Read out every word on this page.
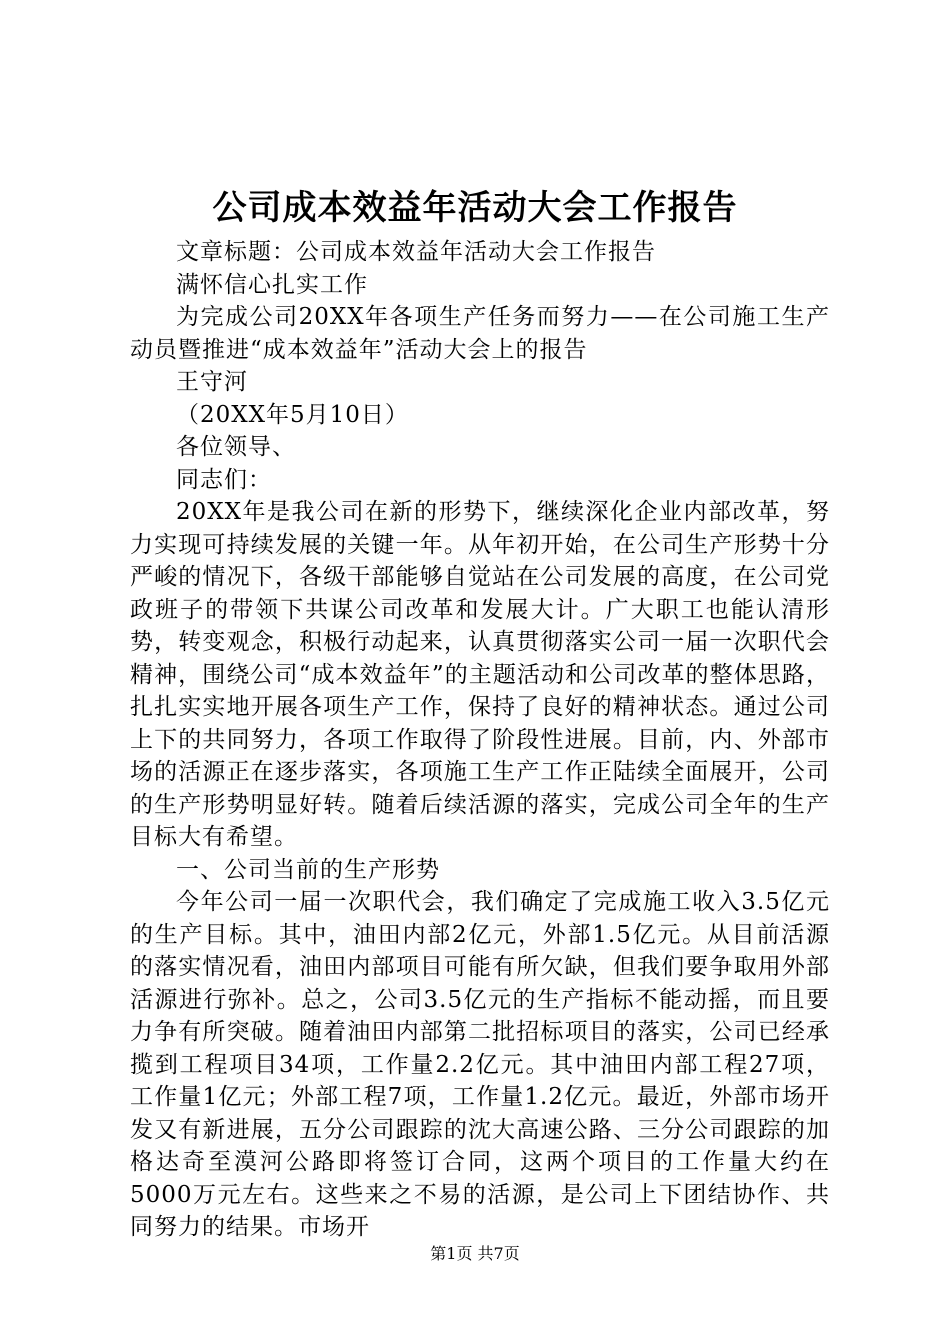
公司成本效益年活动大会工作报告

文章标题：公司成本效益年活动大会工作报告

满怀信心扎实工作

为完成公司20XX年各项生产任务而努力——在公司施工生产动员暨推进“成本效益年”活动大会上的报告

王守河

（20XX年5月10日）

各位领导、

同志们：

20XX年是我公司在新的形势下，继续深化企业内部改革，努力实现可持续发展的关键一年。从年初开始，在公司生产形势十分严峻的情况下，各级干部能够自觉站在公司发展的高度，在公司党政班子的带领下共谋公司改革和发展大计。广大职工也能认清形势，转变观念，积极行动起来，认真贯彻落实公司一届一次职代会精神，围绕公司“成本效益年”的主题活动和公司改革的整体思路，扎扎实实地开展各项生产工作，保持了良好的精神状态。通过公司上下的共同努力，各项工作取得了阶段性进展。目前，内、外部市场的活源正在逐步落实，各项施工生产工作正陆续全面展开，公司的生产形势明显好转。随着后续活源的落实，完成公司全年的生产目标大有希望。

一、公司当前的生产形势

今年公司一届一次职代会，我们确定了完成施工收入3.5亿元的生产目标。其中，油田内部2亿元，外部1.5亿元。从目前活源的落实情况看，油田内部项目可能有所欠缺，但我们要争取用外部活源进行弥补。总之，公司3.5亿元的生产指标不能动摇，而且要力争有所突破。随着油田内部第二批招标项目的落实，公司已经承揽到工程项目34项，工作量2.2亿元。其中油田内部工程27项，工作量1亿元；外部工程7项，工作量1.2亿元。最近，外部市场开发又有新进展，五分公司跟踪的沈大高速公路、三分公司跟踪的加格达奇至漠河公路即将签订合同，这两个项目的工作量大约在5000万元左右。这些来之不易的活源，是公司上下团结协作、共同努力的结果。市场开

第1页 共7页
